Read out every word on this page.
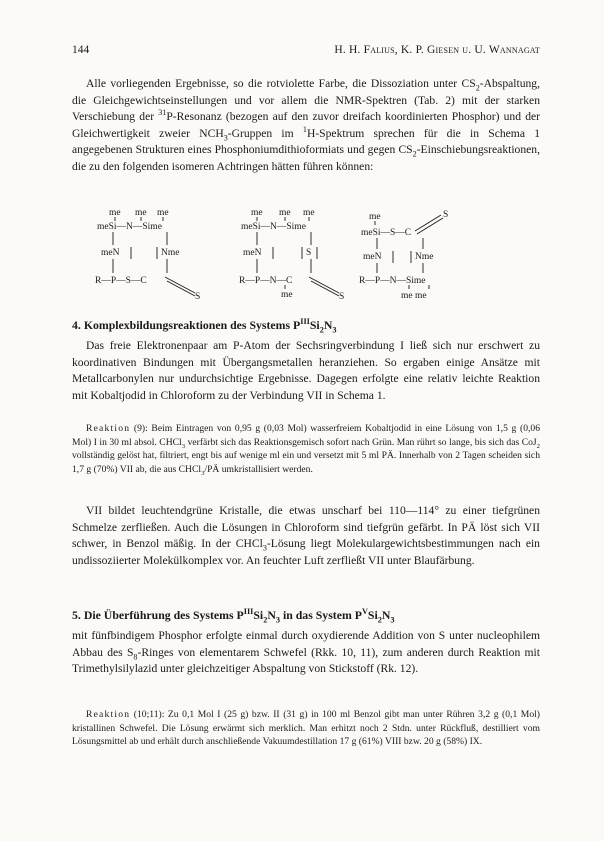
144	H. H. Falius, K. P. Giesen u. U. Wannagat
Alle vorliegenden Ergebnisse, so die rotviolette Farbe, die Dissoziation unter $CS_2$-Abspaltung, die Gleichgewichtseinstellungen und vor allem die NMR-Spektren (Tab. 2) mit der starken Verschiebung der $^{31}$P-Resonanz (bezogen auf den zuvor dreifach koordinierten Phosphor) und der Gleichwertigkeit zweier $NCH_3$-Gruppen im $^1$H-Spektrum sprechen für die in Schema 1 angegebenen Strukturen eines Phosphoniumdithioformiats und gegen $CS_2$-Einschiebungsreaktionen, die zu den folgenden isomeren Achtringen hätten führen können:
me me me
meSi—N—Sime
meN	Nme
R—P—S—C
S
me me me
meSi—N—Sime
meN	S
R—P—N—C
me	S
me
meSi—S—C
S
meN	Nme
R—P—N—Sime
me me
4. Komplexbildungsreaktionen des Systems $P^{III}Si_2N_3$
Das freie Elektronenpaar am P-Atom der Sechsringverbindung I ließ sich nur erschwert zu koordinativen Bindungen mit Übergangsmetallen heranziehen. So ergaben einige Ansätze mit Metallcarbonylen nur undurchsichtige Ergebnisse. Dagegen erfolgte eine relativ leichte Reaktion mit Kobaltjodid in Chloroform zu der Verbindung VII in Schema 1.
Reaktion (9): Beim Eintragen von 0,95 g (0,03 Mol) wasserfreiem Kobaltjodid in eine Lösung von 1,5 g (0,06 Mol) I in 30 ml absol. CHCl$_3$ verfärbt sich das Reaktionsgemisch sofort nach Grün. Man rührt so lange, bis sich das CoJ$_2$ vollständig gelöst hat, filtriert, engt bis auf wenige ml ein und versetzt mit 5 ml PÄ. Innerhalb von 2 Tagen scheiden sich 1,7 g (70%) VII ab, die aus CHCl$_3$/PÄ umkristallisiert werden.
VII bildet leuchtendgrüne Kristalle, die etwas unscharf bei 110—114° zu einer tiefgrünen Schmelze zerfließen. Auch die Lösungen in Chloroform sind tiefgrün gefärbt. In PÄ löst sich VII schwer, in Benzol mäßig. In der CHCl$_3$-Lösung liegt Molekulargewichtsbestimmungen nach ein undissoziierter Molekülkomplex vor. An feuchter Luft zerfließt VII unter Blaufärbung.
5. Die Überführung des Systems $P^{III}Si_2N_3$ in das System $P^VSi_2N_3$
mit fünfbindigem Phosphor erfolgte einmal durch oxydierende Addition von S unter nucleophilem Abbau des $S_8$-Ringes von elementarem Schwefel (Rkk. 10, 11), zum anderen durch Reaktion mit Trimethylsilylazid unter gleichzeitiger Abspaltung von Stickstoff (Rk. 12).
Reaktion (10;11): Zu 0,1 Mol I (25 g) bzw. II (31 g) in 100 ml Benzol gibt man unter Rühren 3,2 g (0,1 Mol) kristallinen Schwefel. Die Lösung erwärmt sich merklich. Man erhitzt noch 2 Stdn. unter Rückfluß, destilliert vom Lösungsmittel ab und erhält durch anschließende Vakuumdestillation 17 g (61%) VIII bzw. 20 g (58%) IX.
